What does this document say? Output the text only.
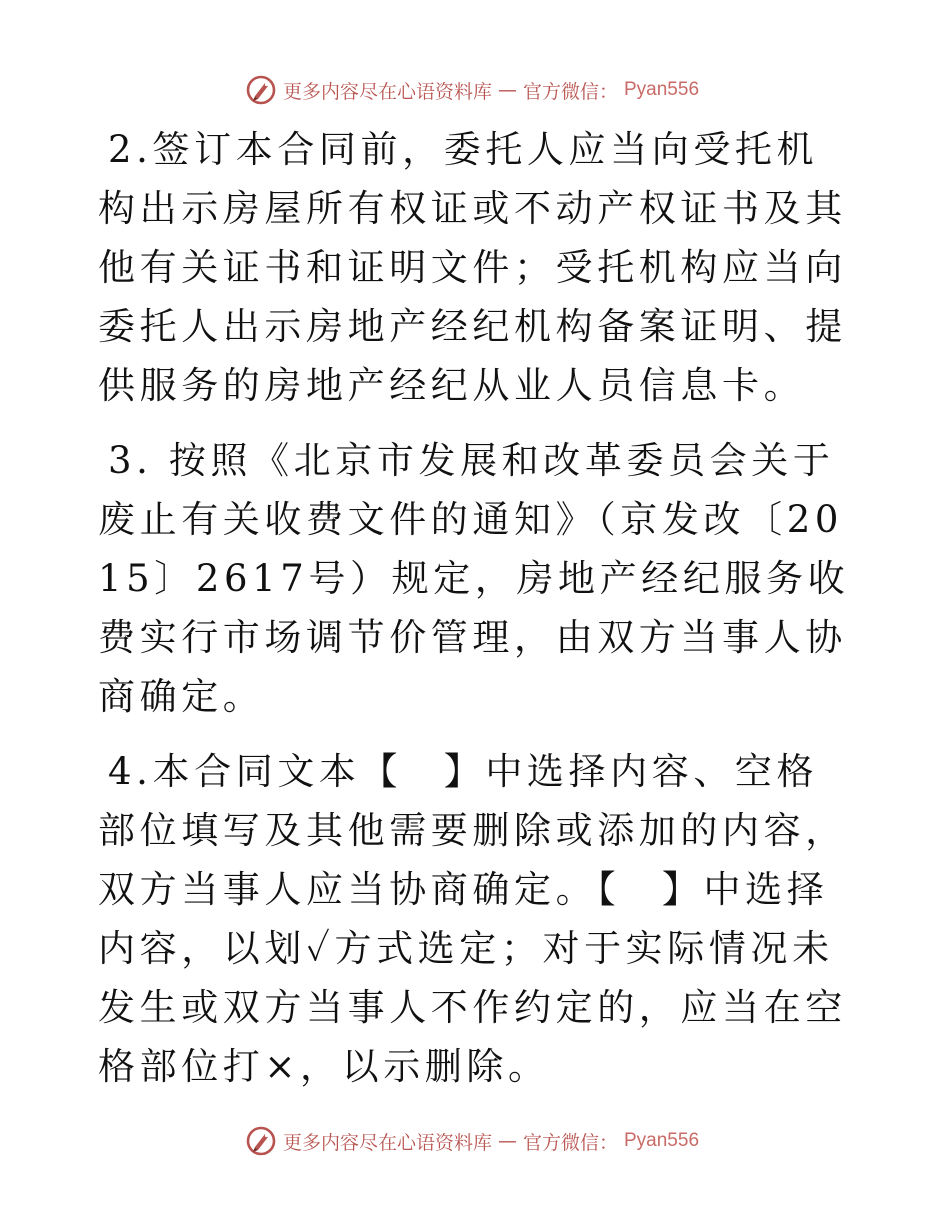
更多内容尽在心语资料库 — 官方微信： Pyan556

2.签订本合同前，委托人应当向受托机构出示房屋所有权证或不动产权证书及其他有关证书和证明文件；受托机构应当向委托人出示房地产经纪机构备案证明、提供服务的房地产经纪从业人员信息卡。

3. 按照《北京市发展和改革委员会关于废止有关收费文件的通知》（京发改〔2015〕2617号）规定，房地产经纪服务收费实行市场调节价管理，由双方当事人协商确定。

4.本合同文本【　】中选择内容、空格部位填写及其他需要删除或添加的内容，双方当事人应当协商确定。【　】中选择内容，以划✓方式选定；对于实际情况未发生或双方当事人不作约定的，应当在空格部位打×，以示删除。

更多内容尽在心语资料库 — 官方微信： Pyan556
